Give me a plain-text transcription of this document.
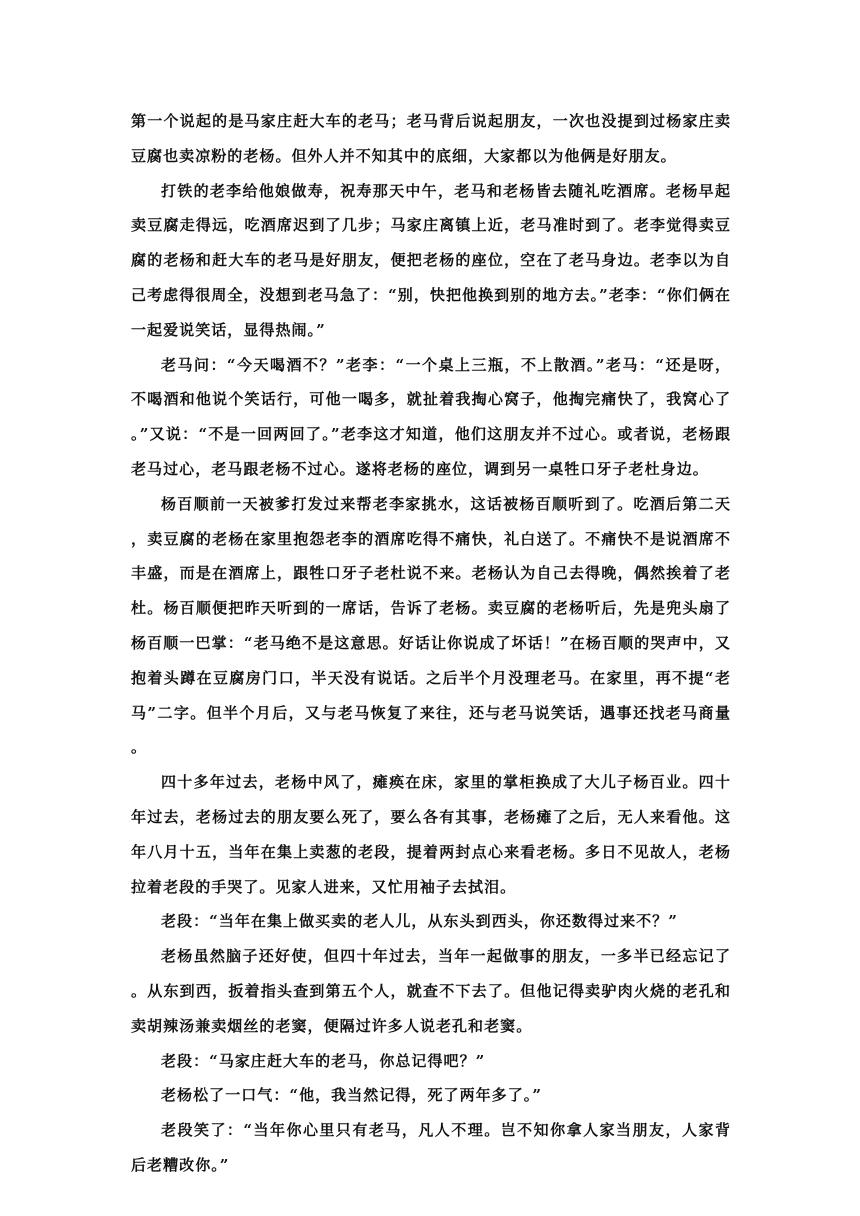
第一个说起的是马家庄赶大车的老马；老马背后说起朋友，一次也没提到过杨家庄卖豆腐也卖凉粉的老杨。但外人并不知其中的底细，大家都以为他俩是好朋友。

打铁的老李给他娘做寿，祝寿那天中午，老马和老杨皆去随礼吃酒席。老杨早起卖豆腐走得远，吃酒席迟到了几步；马家庄离镇上近，老马准时到了。老李觉得卖豆腐的老杨和赶大车的老马是好朋友，便把老杨的座位，空在了老马身边。老李以为自己考虑得很周全，没想到老马急了：“别，快把他换到别的地方去。”老李：“你们俩在一起爱说笑话，显得热闹。”

老马问：“今天喝酒不？”老李：“一个桌上三瓶，不上散酒。”老马：“还是呀，不喝酒和他说个笑话行，可他一喝多，就扯着我掏心窝子，他掏完痛快了，我窝心了。”又说：“不是一回两回了。”老李这才知道，他们这朋友并不过心。或者说，老杨跟老马过心，老马跟老杨不过心。遂将老杨的座位，调到另一桌牲口牙子老杜身边。

杨百顺前一天被爹打发过来帮老李家挑水，这话被杨百顺听到了。吃酒后第二天，卖豆腐的老杨在家里抱怨老李的酒席吃得不痛快，礼白送了。不痛快不是说酒席不丰盛，而是在酒席上，跟牲口牙子老杜说不来。老杨认为自己去得晚，偶然挨着了老杜。杨百顺便把昨天听到的一席话，告诉了老杨。卖豆腐的老杨听后，先是兜头扇了杨百顺一巴掌：“老马绝不是这意思。好话让你说成了坏话！”在杨百顺的哭声中，又抱着头蹲在豆腐房门口，半天没有说话。之后半个月没理老马。在家里，再不提“老马”二字。但半个月后，又与老马恢复了来往，还与老马说笑话，遇事还找老马商量。

四十多年过去，老杨中风了，瘫痪在床，家里的掌柜换成了大儿子杨百业。四十年过去，老杨过去的朋友要么死了，要么各有其事，老杨瘫了之后，无人来看他。这年八月十五，当年在集上卖葱的老段，提着两封点心来看老杨。多日不见故人，老杨拉着老段的手哭了。见家人进来，又忙用袖子去拭泪。

老段：“当年在集上做买卖的老人儿，从东头到西头，你还数得过来不？”

老杨虽然脑子还好使，但四十年过去，当年一起做事的朋友，一多半已经忘记了。从东到西，扳着指头查到第五个人，就查不下去了。但他记得卖驴肉火烧的老孔和卖胡辣汤兼卖烟丝的老窦，便隔过许多人说老孔和老窦。

老段：“马家庄赶大车的老马，你总记得吧？”

老杨松了一口气：“他，我当然记得，死了两年多了。”

老段笑了：“当年你心里只有老马，凡人不理。岂不知你拿人家当朋友，人家背后老糟改你。”
